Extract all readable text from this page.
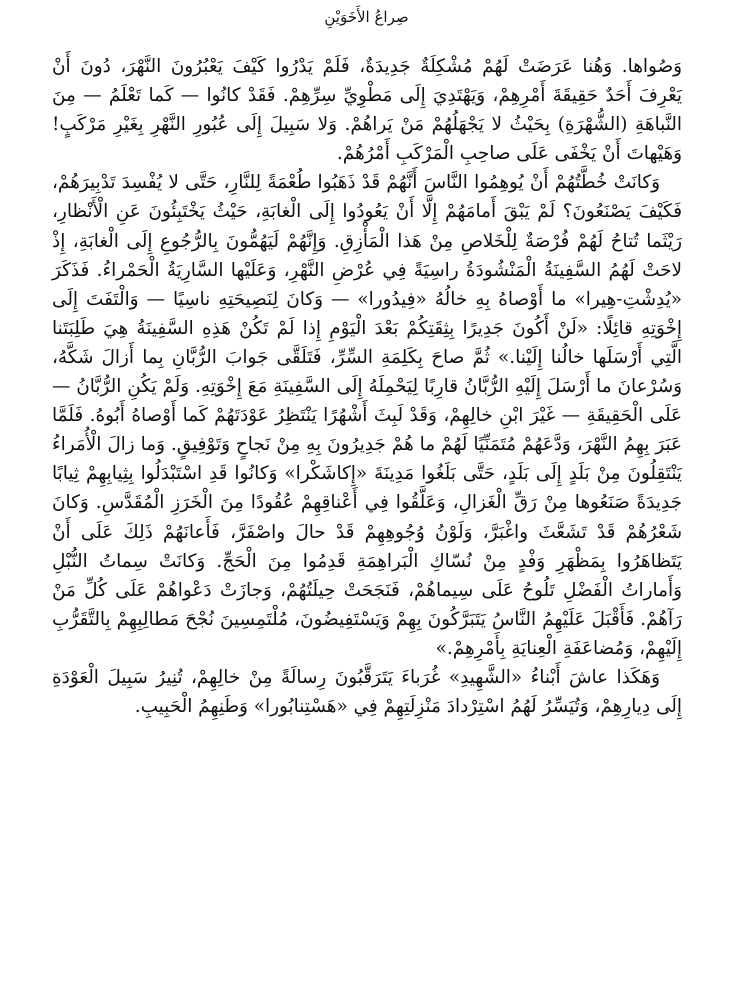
صِراعُ الأَخَوَيْنِ

وَصُواها. وَهُنا عَرَضَتْ لَهُمْ مُشْكِلَةٌ جَدِيدَةٌ، فَلَمْ يَدْرُوا كَيْفَ يَعْبُرُونَ النَّهْرَ، دُونَ أَنْ يَعْرِفَ أَحَدٌ حَقِيقَةَ أَمْرِهِمْ، وَيَهْتَدِيَ إِلَى مَطْوِيِّ سِرِّهِمْ. فَقَدْ كانُوا — كَما تَعْلَمُ — مِنَ النَّباهَةِ (الشُّهْرَةِ) بِحَيْثُ لا يَجْهَلُهُمْ مَنْ يَراهُمْ. وَلا سَبِيلَ إِلَى عُبُورِ النَّهْرِ بِغَيْرِ مَرْكَبٍ! وَهَيْهاتَ أَنْ يَخْفَى عَلَى صاحِبِ الْمَرْكَبِ أَمْرُهُمْ.

وَكانَتْ خُطَّتُهُمْ أَنْ يُوهِمُوا النَّاسَ أَنَّهُمْ قَدْ ذَهَبُوا طُعْمَةً لِلنَّارِ، حَتَّى لا يُفْسِدَ تَدْبِيرَهُمْ، فَكَيْفَ يَصْنَعُونَ؟ لَمْ يَبْقَ أَمامَهُمْ إِلَّا أَنْ يَعُودُوا إِلَى الْغابَةِ، حَيْثُ يَخْتَبِئُونَ عَنِ الْأَنْظارِ، رَيْثَما تُتاحُ لَهُمْ فُرْصَةٌ لِلْخَلاصِ مِنْ هَذا الْمَأْزِقِ. وَإِنَّهُمْ لَيَهُمُّونَ بِالرُّجُوعِ إِلَى الْغابَةِ، إِذْ لاحَتْ لَهُمُ السَّفِينَةُ الْمَنْشُودَةُ راسِيَةً فِي عُرْضِ النَّهْرِ، وَعَلَيْها السَّارِيَةُ الْحَمْراءُ. فَذَكَرَ «يُدِشْتِ-هِيرا» ما أَوْصاهُ بِهِ خالُهُ «فِيدُورا» — وَكانَ لِنَصِيحَتِهِ ناسِيًا — وَالْتَفَتَ إِلَى إِخْوَتِهِ قائِلًا: «لَنْ أَكُونَ جَدِيرًا بِثِقَتِكُمْ بَعْدَ الْيَوْمِ إِذا لَمْ تَكُنْ هَذِهِ السَّفِينَةُ هِيَ طَلِبَتَنا الَّتِي أَرْسَلَها خالُنا إِلَيْنا.» ثُمَّ صاحَ بِكَلِمَةِ السِّرِّ، فَتَلَقَّى جَوابَ الرُّبَّانِ بِما أَزالَ شَكَّهُ، وَسُرْعانَ ما أَرْسَلَ إِلَيْهِ الرُّبَّانُ قارِبًا لِيَحْمِلَهُ إِلَى السَّفِينَةِ مَعَ إِخْوَتِهِ. وَلَمْ يَكُنِ الرُّبَّانُ — عَلَى الْحَقِيقَةِ — غَيْرَ ابْنِ خالِهِمْ، وَقَدْ لَبِثَ أَشْهُرًا يَنْتَظِرُ عَوْدَتَهُمْ كَما أَوْصاهُ أَبُوهُ. فَلَمَّا عَبَرَ بِهِمُ النَّهْرَ، وَدَّعَهُمْ مُتَمَنِّيًا لَهُمْ ما هُمْ جَدِيرُونَ بِهِ مِنْ نَجاحٍ وَتَوْفِيقٍ. وَما زالَ الْأُمَراءُ يَنْتَقِلُونَ مِنْ بَلَدٍ إِلَى بَلَدٍ، حَتَّى بَلَغُوا مَدِينَةَ «إِكاشَكْرا» وَكانُوا قَدِ اسْتَبْدَلُوا بِثِيابِهِمْ ثِيابًا جَدِيدَةً صَنَعُوها مِنْ رَقِّ الْغَزالِ، وَعَلَّقُوا فِي أَعْناقِهِمْ عُقُودًا مِنَ الْخَرَزِ الْمُقَدَّسِ. وَكانَ شَعْرُهُمْ قَدْ تَشَعَّثَ واغْبَرَّ، وَلَوْنُ وُجُوهِهِمْ قَدْ حالَ واصْفَرَّ، فَأَعانَهُمْ ذَلِكَ عَلَى أَنْ يَتَظاهَرُوا بِمَظْهَرِ وَفْدٍ مِنْ نُسّاكِ الْبَراهِمَةِ قَدِمُوا مِنَ الْحَجِّ. وَكانَتْ سِماتُ النُّبْلِ وَأَماراتُ الْفَضْلِ تَلُوحُ عَلَى سِيماهُمْ، فَنَجَحَتْ حِيلَتُهُمْ، وَجازَتْ دَعْواهُمْ عَلَى كُلِّ مَنْ رَآهُمْ. فَأَقْبَلَ عَلَيْهِمُ النَّاسُ يَتَبَرَّكُونَ بِهِمْ وَيَسْتَفِيضُونَ، مُلْتَمِسِينَ نُجْحَ مَطالِبِهِمْ بِالتَّقَرُّبِ إِلَيْهِمْ، وَمُضاعَفَةِ الْعِنايَةِ بِأَمْرِهِمْ.»

وَهَكَذا عاشَ أَبْناءُ «الشَّهِيدِ» غُرَباءَ يَتَرَقَّبُونَ رِسالَةً مِنْ خالِهِمْ، تُنِيرُ سَبِيلَ الْعَوْدَةِ إِلَى دِيارِهِمْ، وَتُيَسِّرُ لَهُمُ اسْتِرْدادَ مَنْزِلَتِهِمْ فِي «هَسْتِنابُورا» وَطَنِهِمُ الْحَبِيبِ.
